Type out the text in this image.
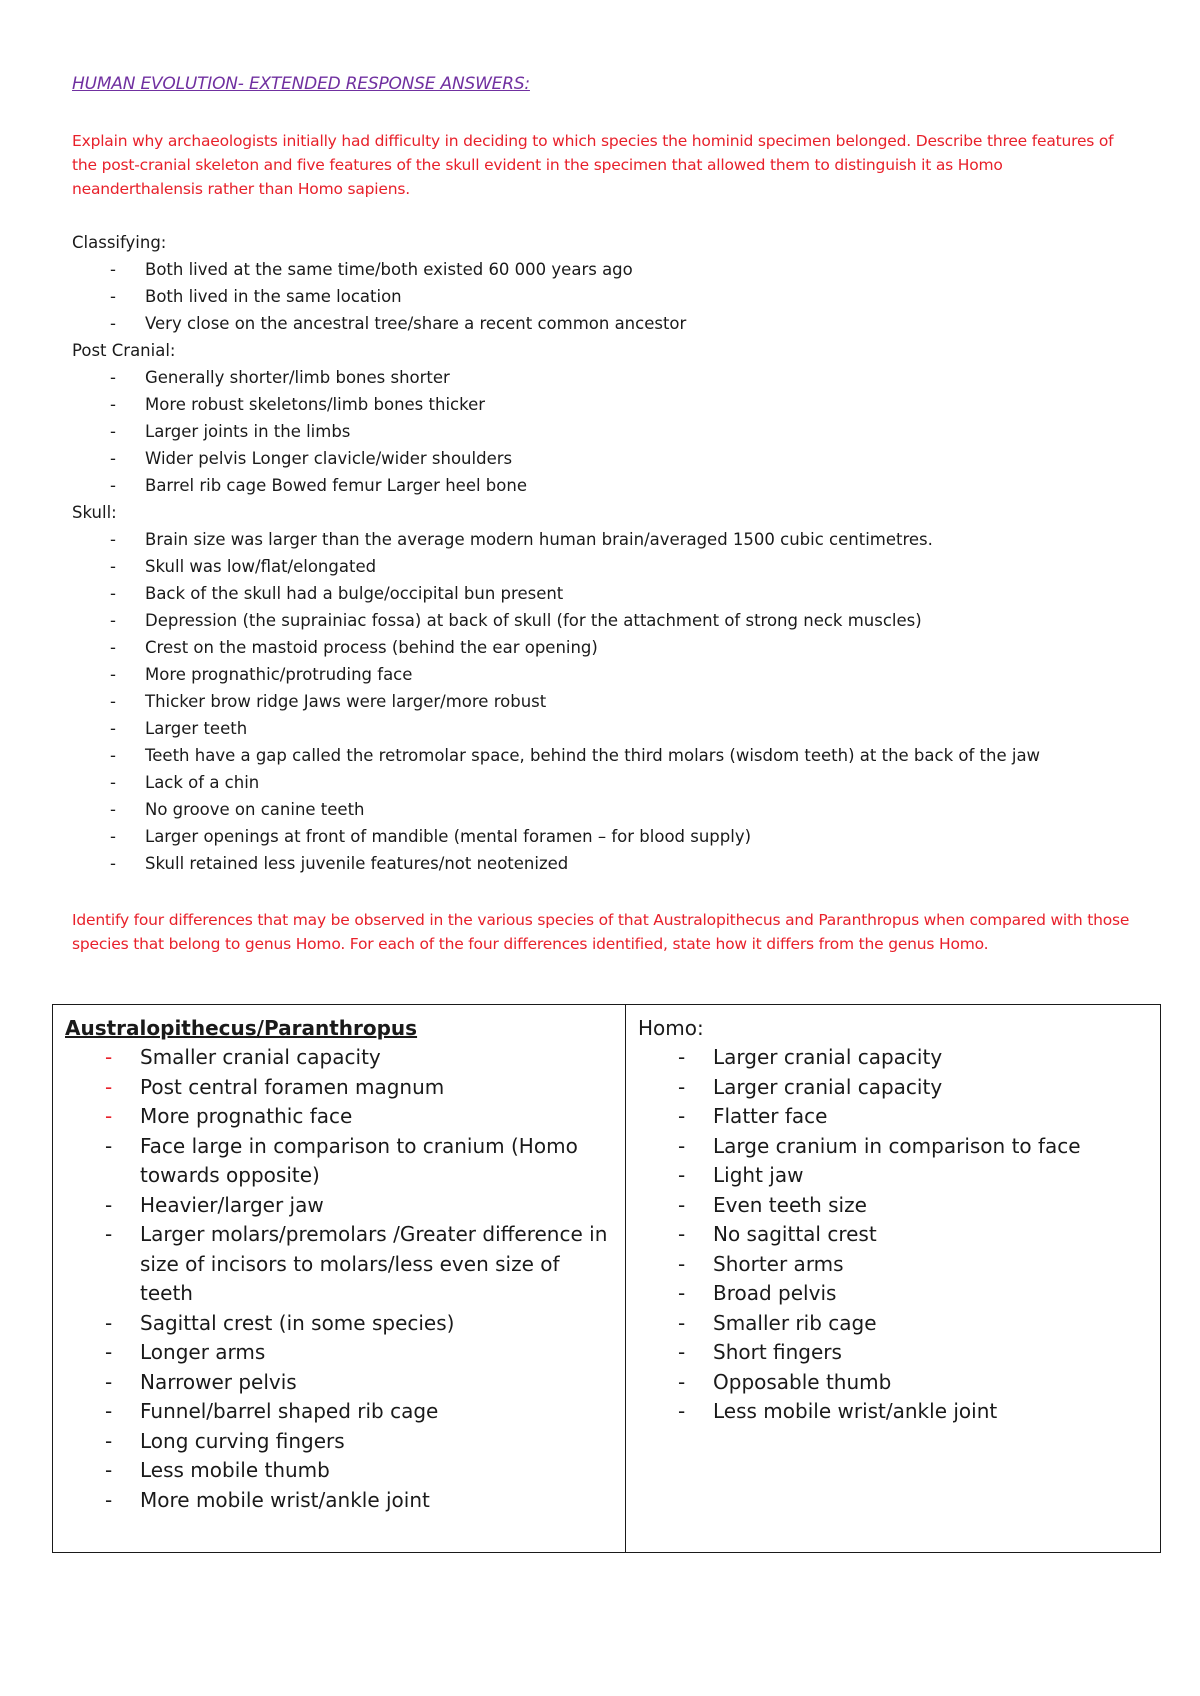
HUMAN EVOLUTION- EXTENDED RESPONSE ANSWERS:
Explain why archaeologists initially had difficulty in deciding to which species the hominid specimen belonged. Describe three features of the post-cranial skeleton and five features of the skull evident in the specimen that allowed them to distinguish it as Homo neanderthalensis rather than Homo sapiens.
Classifying:
- Both lived at the same time/both existed 60 000 years ago
- Both lived in the same location
- Very close on the ancestral tree/share a recent common ancestor
Post Cranial:
- Generally shorter/limb bones shorter
- More robust skeletons/limb bones thicker
- Larger joints in the limbs
- Wider pelvis Longer clavicle/wider shoulders
- Barrel rib cage Bowed femur Larger heel bone
Skull:
- Brain size was larger than the average modern human brain/averaged 1500 cubic centimetres.
- Skull was low/flat/elongated
- Back of the skull had a bulge/occipital bun present
- Depression (the suprainiac fossa) at back of skull (for the attachment of strong neck muscles)
- Crest on the mastoid process (behind the ear opening)
- More prognathic/protruding face
- Thicker brow ridge Jaws were larger/more robust
- Larger teeth
- Teeth have a gap called the retromolar space, behind the third molars (wisdom teeth) at the back of the jaw
- Lack of a chin
- No groove on canine teeth
- Larger openings at front of mandible (mental foramen – for blood supply)
- Skull retained less juvenile features/not neotenized
Identify four differences that may be observed in the various species of that Australopithecus and Paranthropus when compared with those species that belong to genus Homo. For each of the four differences identified, state how it differs from the genus Homo.
Australopithecus/Paranthropus
- Smaller cranial capacity
- Post central foramen magnum
- More prognathic face
- Face large in comparison to cranium (Homo towards opposite)
- Heavier/larger jaw
- Larger molars/premolars /Greater difference in size of incisors to molars/less even size of teeth
- Sagittal crest (in some species)
- Longer arms
- Narrower pelvis
- Funnel/barrel shaped rib cage
- Long curving fingers
- Less mobile thumb
- More mobile wrist/ankle joint
Homo:
- Larger cranial capacity
- Larger cranial capacity
- Flatter face
- Large cranium in comparison to face
- Light jaw
- Even teeth size
- No sagittal crest
- Shorter arms
- Broad pelvis
- Smaller rib cage
- Short fingers
- Opposable thumb
- Less mobile wrist/ankle joint
